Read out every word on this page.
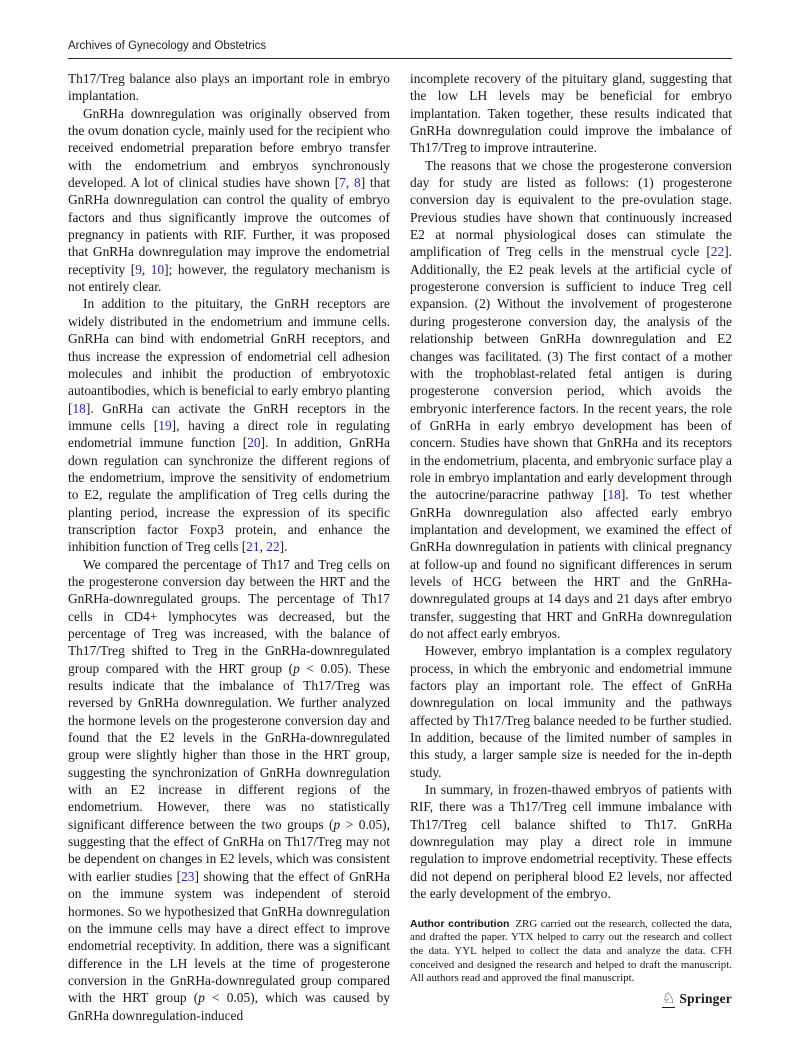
Archives of Gynecology and Obstetrics

Th17/Treg balance also plays an important role in embryo implantation.

GnRHa downregulation was originally observed from the ovum donation cycle, mainly used for the recipient who received endometrial preparation before embryo transfer with the endometrium and embryos synchronously developed. A lot of clinical studies have shown [7, 8] that GnRHa downregulation can control the quality of embryo factors and thus significantly improve the outcomes of pregnancy in patients with RIF. Further, it was proposed that GnRHa downregulation may improve the endometrial receptivity [9, 10]; however, the regulatory mechanism is not entirely clear.

In addition to the pituitary, the GnRH receptors are widely distributed in the endometrium and immune cells. GnRHa can bind with endometrial GnRH receptors, and thus increase the expression of endometrial cell adhesion molecules and inhibit the production of embryotoxic autoantibodies, which is beneficial to early embryo planting [18]. GnRHa can activate the GnRH receptors in the immune cells [19], having a direct role in regulating endometrial immune function [20]. In addition, GnRHa down regulation can synchronize the different regions of the endometrium, improve the sensitivity of endometrium to E2, regulate the amplification of Treg cells during the planting period, increase the expression of its specific transcription factor Foxp3 protein, and enhance the inhibition function of Treg cells [21, 22].

We compared the percentage of Th17 and Treg cells on the progesterone conversion day between the HRT and the GnRHa-downregulated groups. The percentage of Th17 cells in CD4+ lymphocytes was decreased, but the percentage of Treg was increased, with the balance of Th17/Treg shifted to Treg in the GnRHa-downregulated group compared with the HRT group (p < 0.05). These results indicate that the imbalance of Th17/Treg was reversed by GnRHa downregulation. We further analyzed the hormone levels on the progesterone conversion day and found that the E2 levels in the GnRHa-downregulated group were slightly higher than those in the HRT group, suggesting the synchronization of GnRHa downregulation with an E2 increase in different regions of the endometrium. However, there was no statistically significant difference between the two groups (p > 0.05), suggesting that the effect of GnRHa on Th17/Treg may not be dependent on changes in E2 levels, which was consistent with earlier studies [23] showing that the effect of GnRHa on the immune system was independent of steroid hormones. So we hypothesized that GnRHa downregulation on the immune cells may have a direct effect to improve endometrial receptivity. In addition, there was a significant difference in the LH levels at the time of progesterone conversion in the GnRHa-downregulated group compared with the HRT group (p < 0.05), which was caused by GnRHa downregulation-induced

incomplete recovery of the pituitary gland, suggesting that the low LH levels may be beneficial for embryo implantation. Taken together, these results indicated that GnRHa downregulation could improve the imbalance of Th17/Treg to improve intrauterine.

The reasons that we chose the progesterone conversion day for study are listed as follows: (1) progesterone conversion day is equivalent to the pre-ovulation stage. Previous studies have shown that continuously increased E2 at normal physiological doses can stimulate the amplification of Treg cells in the menstrual cycle [22]. Additionally, the E2 peak levels at the artificial cycle of progesterone conversion is sufficient to induce Treg cell expansion. (2) Without the involvement of progesterone during progesterone conversion day, the analysis of the relationship between GnRHa downregulation and E2 changes was facilitated. (3) The first contact of a mother with the trophoblast-related fetal antigen is during progesterone conversion period, which avoids the embryonic interference factors. In the recent years, the role of GnRHa in early embryo development has been of concern. Studies have shown that GnRHa and its receptors in the endometrium, placenta, and embryonic surface play a role in embryo implantation and early development through the autocrine/paracrine pathway [18]. To test whether GnRHa downregulation also affected early embryo implantation and development, we examined the effect of GnRHa downregulation in patients with clinical pregnancy at follow-up and found no significant differences in serum levels of HCG between the HRT and the GnRHa-downregulated groups at 14 days and 21 days after embryo transfer, suggesting that HRT and GnRHa downregulation do not affect early embryos.

However, embryo implantation is a complex regulatory process, in which the embryonic and endometrial immune factors play an important role. The effect of GnRHa downregulation on local immunity and the pathways affected by Th17/Treg balance needed to be further studied. In addition, because of the limited number of samples in this study, a larger sample size is needed for the in-depth study.

In summary, in frozen-thawed embryos of patients with RIF, there was a Th17/Treg cell immune imbalance with Th17/Treg cell balance shifted to Th17. GnRHa downregulation may play a direct role in immune regulation to improve endometrial receptivity. These effects did not depend on peripheral blood E2 levels, nor affected the early development of the embryo.

Author contribution ZRG carried out the research, collected the data, and drafted the paper. YTX helped to carry out the research and collect the data. YYL helped to collect the data and analyze the data. CFH conceived and designed the research and helped to draft the manuscript. All authors read and approved the final manuscript.

♘ Springer
